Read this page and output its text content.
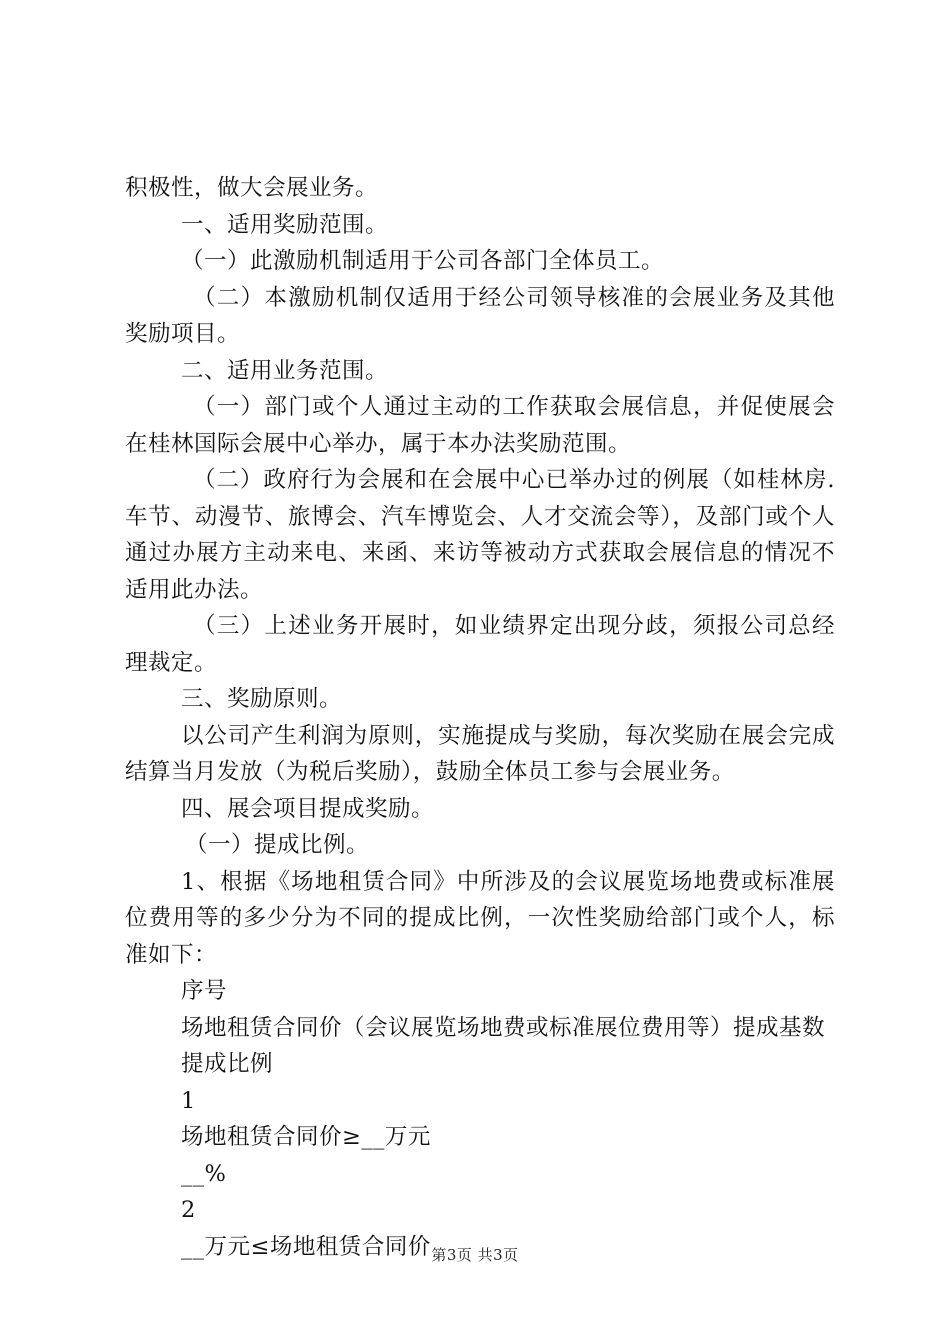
积极性，做大会展业务。

一、适用奖励范围。

（一）此激励机制适用于公司各部门全体员工。

（二）本激励机制仅适用于经公司领导核准的会展业务及其他奖励项目。

二、适用业务范围。

（一）部门或个人通过主动的工作获取会展信息，并促使展会在桂林国际会展中心举办，属于本办法奖励范围。

（二）政府行为会展和在会展中心已举办过的例展（如桂林房.车节、动漫节、旅博会、汽车博览会、人才交流会等），及部门或个人通过办展方主动来电、来函、来访等被动方式获取会展信息的情况不适用此办法。

（三）上述业务开展时，如业绩界定出现分歧，须报公司总经理裁定。

三、奖励原则。

以公司产生利润为原则，实施提成与奖励，每次奖励在展会完成结算当月发放（为税后奖励），鼓励全体员工参与会展业务。

四、展会项目提成奖励。

（一）提成比例。

1、根据《场地租赁合同》中所涉及的会议展览场地费或标准展位费用等的多少分为不同的提成比例，一次性奖励给部门或个人，标准如下：

序号

场地租赁合同价（会议展览场地费或标准展位费用等）提成基数

提成比例

1

场地租赁合同价≥__万元

__%

2

__万元≤场地租赁合同价 第3页 共3页
